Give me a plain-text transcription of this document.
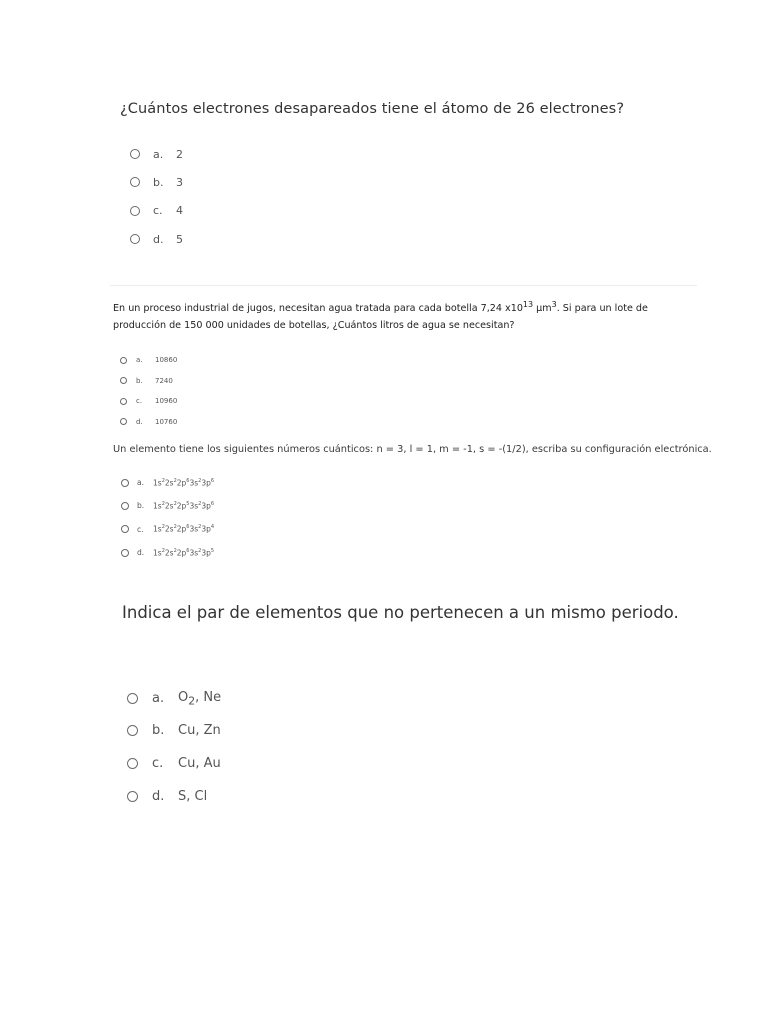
¿Cuántos electrones desapareados tiene el átomo de 26 electrones?

a.	2
b.	3
c.	4
d.	5

En un proceso industrial de jugos, necesitan agua tratada para cada botella 7,24 $x10^{13}$ $\mu m^3$. Si para un lote de producción de 150 000 unidades de botellas, ¿Cuántos litros de agua se necesitan?

a.	10860
b.	7240
c.	10960
d.	10760

Un elemento tiene los siguientes números cuánticos: n = 3, l = 1, m = -1, s = -(1/2), escriba su configuración electrónica.

a.	$1s^22s^22p^63s^23p^6$
b.	$1s^22s^22p^53s^23p^6$
c.	$1s^22s^22p^63s^23p^4$
d.	$1s^22s^22p^63s^23p^5$

Indica el par de elementos que no pertenecen a un mismo periodo.

a.	$O_2$, Ne
b.	Cu, Zn
c.	Cu, Au
d.	S, Cl
